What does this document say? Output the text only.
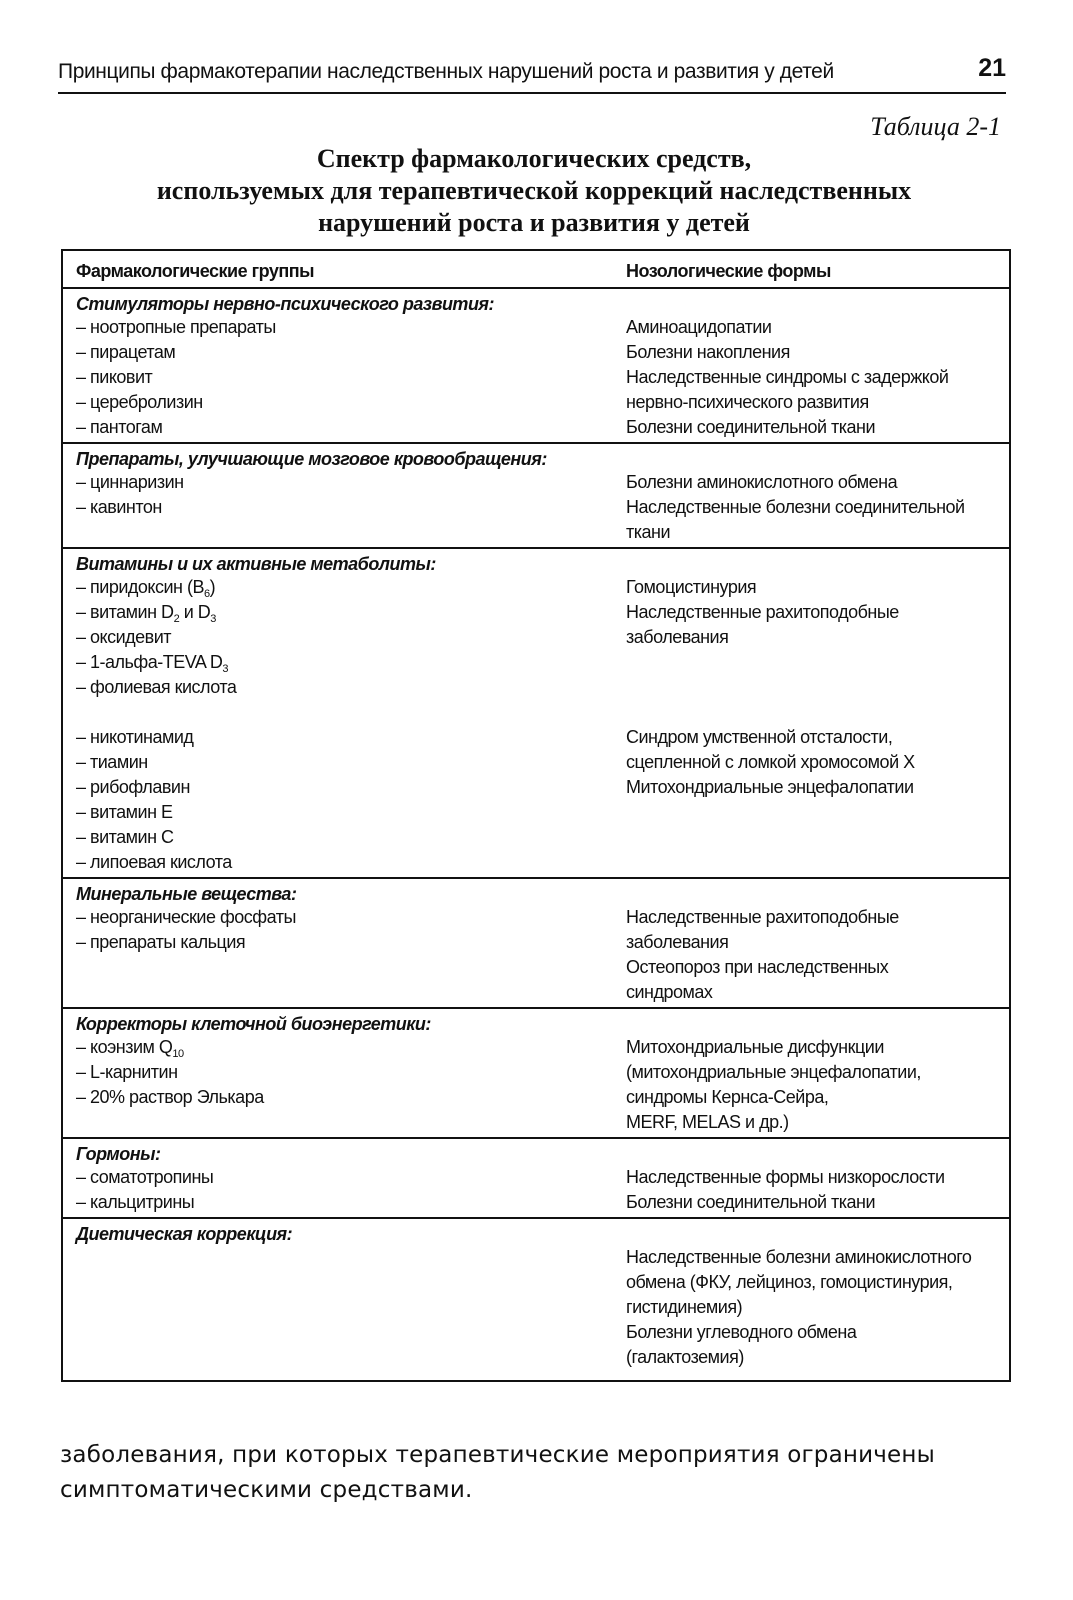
Принципы фармакотерапии наследственных нарушений роста и развития у детей	21
Таблица 2-1
Спектр фармакологических средств,
используемых для терапевтической коррекций наследственных
нарушений роста и развития у детей
Фармакологические группы	Нозологические формы
Стимуляторы нервно-психического развития:
– ноотропные препараты
– пирацетам
– пиковит
– церебролизин
– пантогам
Аминоацидопатии
Болезни накопления
Наследственные синдромы с задержкой
нервно-психического развития
Болезни соединительной ткани
Препараты, улучшающие мозговое кровообращения:
– циннаризин
– кавинтон
Болезни аминокислотного обмена
Наследственные болезни соединительной
ткани
Витамины и их активные метаболиты:
– пиридоксин $(B_6)$
– витамин $D_2$ и $D_3$
– оксидевит
– 1-альфа-TEVA $D_3$
– фолиевая кислота
Гомоцистинурия
Наследственные рахитоподобные
заболевания
– никотинамид
– тиамин
– рибофлавин
– витамин E
– витамин C
– липоевая кислота
Синдром умственной отсталости,
сцепленной с ломкой хромосомой X
Митохондриальные энцефалопатии
Минеральные вещества:
– неорганические фосфаты
– препараты кальция
Наследственные рахитоподобные
заболевания
Остеопороз при наследственных
синдромах
Корректоры клеточной биоэнергетики:
– коэнзим $Q_{10}$
– L-карнитин
– 20% раствор Элькара
Митохондриальные дисфункции
(митохондриальные энцефалопатии,
синдромы Кернса-Сейра,
MERF, MELAS и др.)
Гормоны:
– соматотропины
– кальцитрины
Наследственные формы низкорослости
Болезни соединительной ткани
Диетическая коррекция:
Наследственные болезни аминокислотного
обмена (ФКУ, лейциноз, гомоцистинурия,
гистидинемия)
Болезни углеводного обмена
(галактоземия)
заболевания, при которых терапевтические мероприятия ограничены
симптоматическими средствами.
